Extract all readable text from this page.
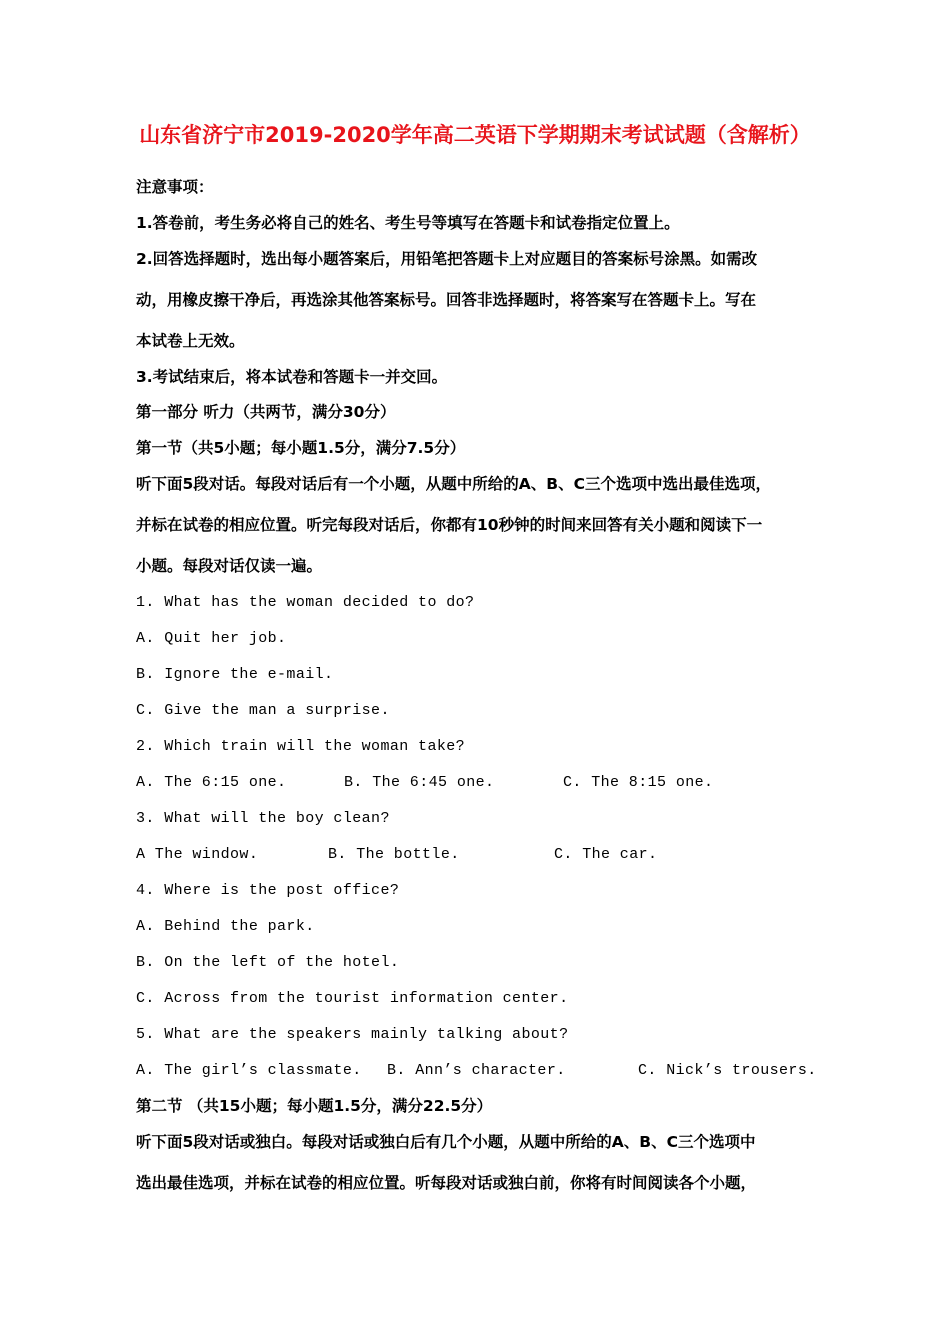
山东省济宁市2019-2020学年高二英语下学期期末考试试题（含解析）
注意事项：
1.答卷前，考生务必将自己的姓名、考生号等填写在答题卡和试卷指定位置上。
2.回答选择题时，选出每小题答案后，用铅笔把答题卡上对应题目的答案标号涂黑。如需改
动，用橡皮擦干净后，再选涂其他答案标号。回答非选择题时，将答案写在答题卡上。写在
本试卷上无效。
3.考试结束后，将本试卷和答题卡一并交回。
第一部分 听力（共两节，满分30分）
第一节（共5小题；每小题1.5分，满分7.5分）
听下面5段对话。每段对话后有一个小题，从题中所给的A、B、C三个选项中选出最佳选项，
并标在试卷的相应位置。听完每段对话后，你都有10秒钟的时间来回答有关小题和阅读下一
小题。每段对话仅读一遍。
1. What has the woman decided to do?
A. Quit her job.
B. Ignore the e-mail.
C. Give the man a surprise.
2. Which train will the woman take?
A. The 6:15 one.	B. The 6:45 one.	C. The 8:15 one.
3. What will the boy clean?
A The window.	B. The bottle.	C. The car.
4. Where is the post office?
A. Behind the park.
B. On the left of the hotel.
C. Across from the tourist information center.
5. What are the speakers mainly talking about?
A. The girl’s classmate. B. Ann’s character.	C. Nick’s trousers.
第二节 （共15小题；每小题1.5分，满分22.5分）
听下面5段对话或独白。每段对话或独白后有几个小题，从题中所给的A、B、C三个选项中
选出最佳选项，并标在试卷的相应位置。听每段对话或独白前，你将有时间阅读各个小题，
